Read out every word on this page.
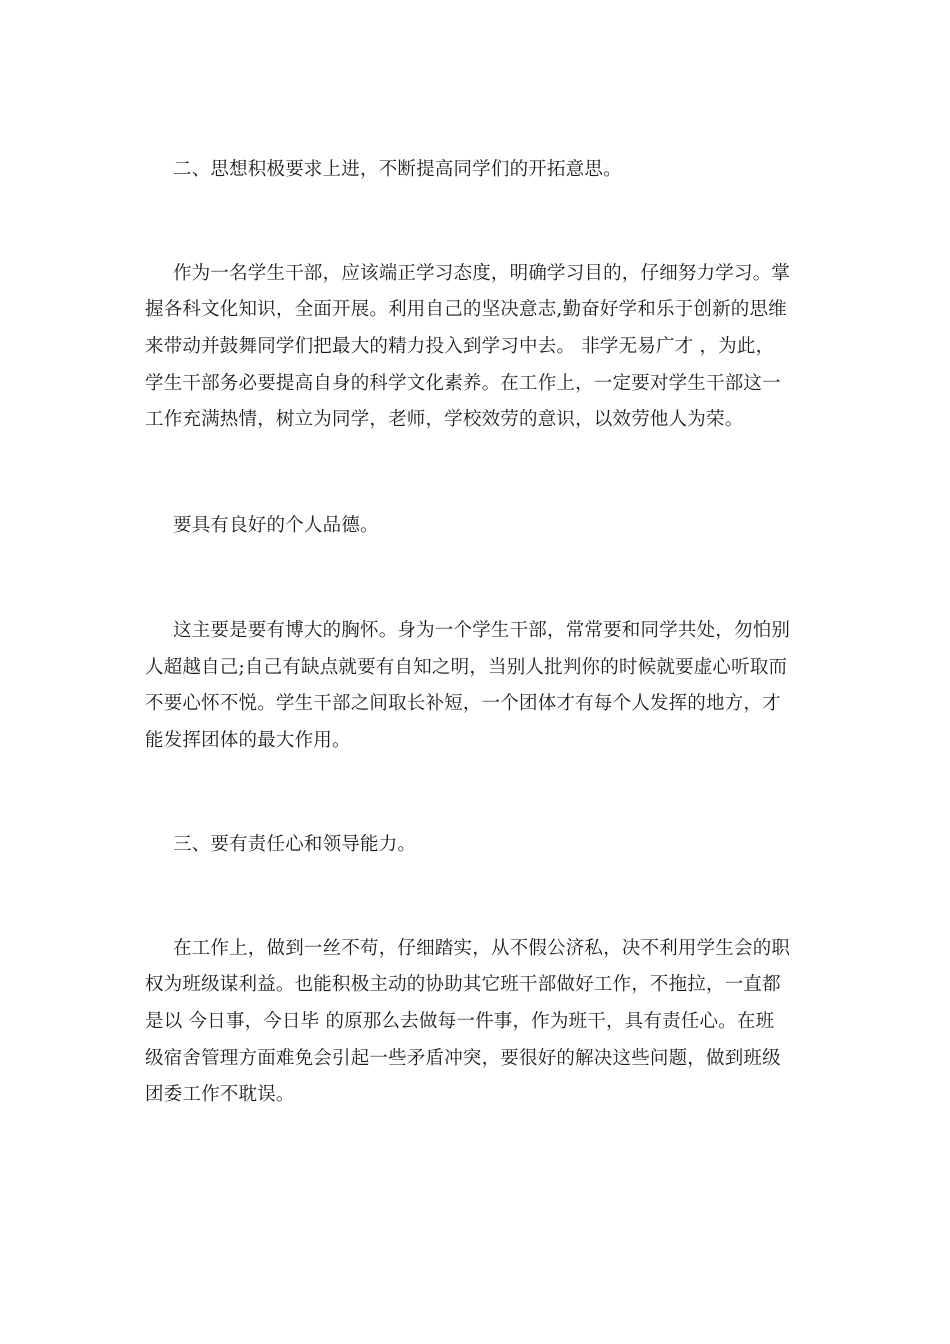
二、思想积极要求上进，不断提高同学们的开拓意思。
作为一名学生干部，应该端正学习态度，明确学习目的，仔细努力学习。掌
握各科文化知识，全面开展。利用自己的坚决意志,勤奋好学和乐于创新的思维
来带动并鼓舞同学们把最大的精力投入到学习中去。 非学无易广才 ，为此，
学生干部务必要提高自身的科学文化素养。在工作上，一定要对学生干部这一
工作充满热情，树立为同学，老师，学校效劳的意识，以效劳他人为荣。
要具有良好的个人品德。
这主要是要有博大的胸怀。身为一个学生干部，常常要和同学共处，勿怕别
人超越自己;自己有缺点就要有自知之明，当别人批判你的时候就要虚心听取而
不要心怀不悦。学生干部之间取长补短，一个团体才有每个人发挥的地方，才
能发挥团体的最大作用。
三、要有责任心和领导能力。
在工作上，做到一丝不苟，仔细踏实，从不假公济私，决不利用学生会的职
权为班级谋利益。也能积极主动的协助其它班干部做好工作，不拖拉，一直都
是以 今日事，今日毕 的原那么去做每一件事，作为班干，具有责任心。在班
级宿舍管理方面难免会引起一些矛盾冲突，要很好的解决这些问题，做到班级
团委工作不耽误。
